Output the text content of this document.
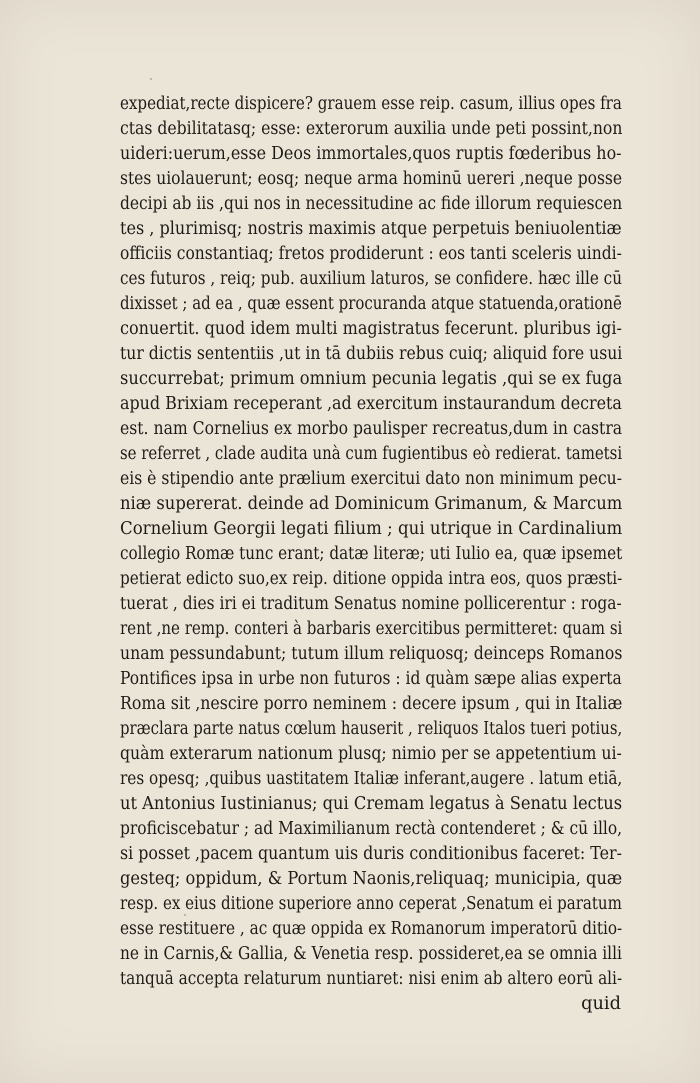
expediat,recte dispicere? grauem esse reip. casum, illius opes fra
ctas debilitatasq; esse: exterorum auxilia unde peti possint,non
uideri:uerum,esse Deos immortales,quos ruptis fœderibus ho-
stes uiolauerunt; eosq; neque arma hominū uereri ,neque posse
decipi ab iis ,qui nos in necessitudine ac fide illorum requiescen
tes , plurimisq; nostris maximis atque perpetuis beniuolentiæ
officiis constantiaq; fretos prodiderunt : eos tanti sceleris uindi-
ces futuros , reiq; pub. auxilium laturos, se confidere. hæc ille cū
dixisset ; ad ea , quæ essent procuranda atque statuenda,orationē
conuertit. quod idem multi magistratus fecerunt. pluribus igi-
tur dictis sententiis ,ut in tā dubiis rebus cuiq; aliquid fore usui
succurrebat; primum omnium pecunia legatis ,qui se ex fuga
apud Brixiam receperant ,ad exercitum instaurandum decreta
est. nam Cornelius ex morbo paulisper recreatus,dum in castra
se referret , clade audita unà cum fugientibus eò redierat. tametsi
eis è stipendio ante prælium exercitui dato non minimum pecu-
niæ supererat. deinde ad Dominicum Grimanum, & Marcum
Cornelium Georgii legati filium ; qui utrique in Cardinalium
collegio Romæ tunc erant; datæ literæ; uti Iulio ea, quæ ipsemet
petierat edicto suo,ex reip. ditione oppida intra eos, quos præsti-
tuerat , dies iri ei traditum Senatus nomine pollicerentur : roga-
rent ,ne remp. conteri à barbaris exercitibus permitteret: quam si
unam pessundabunt; tutum illum reliquosq; deinceps Romanos
Pontifices ipsa in urbe non futuros : id quàm sæpe alias experta
Roma sit ,nescire porro neminem : decere ipsum , qui in Italiæ
præclara parte natus cœlum hauserit , reliquos Italos tueri potius,
quàm exterarum nationum plusq; nimio per se appetentium ui-
res opesq; ,quibus uastitatem Italiæ inferant,augere . latum etiā,
ut Antonius Iustinianus; qui Cremam legatus à Senatu lectus
proficiscebatur ; ad Maximilianum rectà contenderet ; & cū illo,
si posset ,pacem quantum uis duris conditionibus faceret: Ter-
gesteq; oppidum, & Portum Naonis,reliquaq; municipia, quæ
resp. ex eius ditione superiore anno ceperat ,Senatum ei paratum
esse restituere , ac quæ oppida ex Romanorum imperatorū ditio-
ne in Carnis,& Gallia, & Venetia resp. possideret,ea se omnia illi
tanquā accepta relaturum nuntiaret: nisi enim ab altero eorū ali-
quid
